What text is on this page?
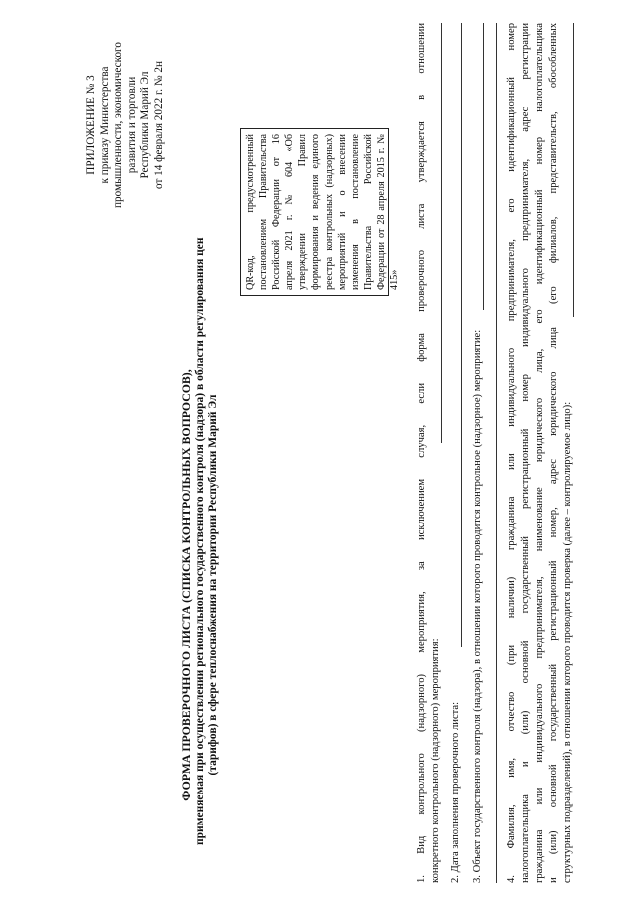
ПРИЛОЖЕНИЕ № 3 к приказу Министерства промышленности, экономического развития и торговли Республики Марий Эл от 14 февраля 2022 г. № 2н
ФОРМА ПРОВЕРОЧНОГО ЛИСТА (СПИСКА КОНТРОЛЬНЫХ ВОПРОСОВ), применяемая при осуществлении регионального государственного контроля (надзора) в области регулирования цен (тарифов) в сфере теплоснабжения на территории Республики Марий Эл
QR-код, предусмотренный постановлением Правительства Российской Федерации от 16 апреля 2021 г. № 604 «Об утверждении Правил формирования и ведения единого реестра контрольных (надзорных) мероприятий и о внесении изменения в постановление Правительства Российской Федерации от 28 апреля 2015 г. № 415» 1. Вид контрольного (надзорного) мероприятия, за исключением случая, если форма проверочного листа утверждается в отношении конкретного контрольного (надзорного) мероприятия: 2. Дата заполнения проверочного листа: 3. Объект государственного контроля (надзора), в отношении которого проводится контрольное (надзорное) мероприятие: 4. Фамилия, имя, отчество (при наличии) гражданина или индивидуального предпринимателя, его идентификационный номер налогоплательщика и (или) основной государственный регистрационный номер индивидуального предпринимателя, адрес регистрации гражданина или индивидуального предпринимателя, наименование юридического лица, его идентификационный номер налогоплательщика и (или) основной государственный регистрационный номер, адрес юридического лица (его филиалов, представительств, обособленных структурных подразделений), в отношении которого проводится проверка (далее – контролируемое лицо):
